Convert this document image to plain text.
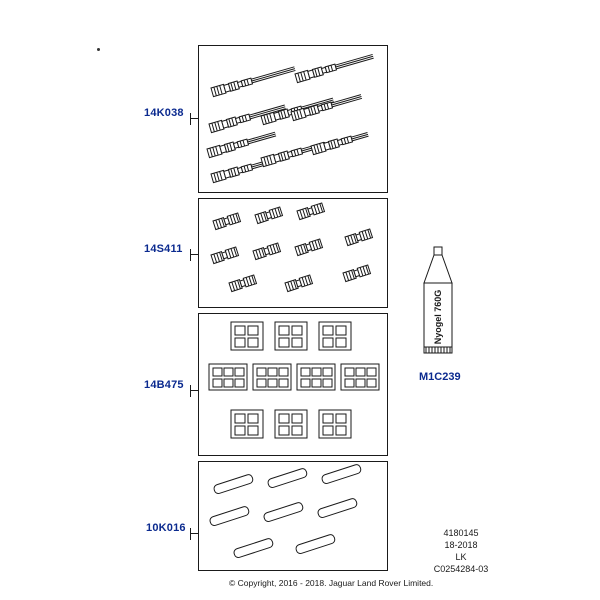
14K038
14S411
14B475
10K016
Nyogel 760G
M1C239
4180145
18-2018
LK
C0254284-03
© Copyright, 2016 - 2018. Jaguar Land Rover Limited.
